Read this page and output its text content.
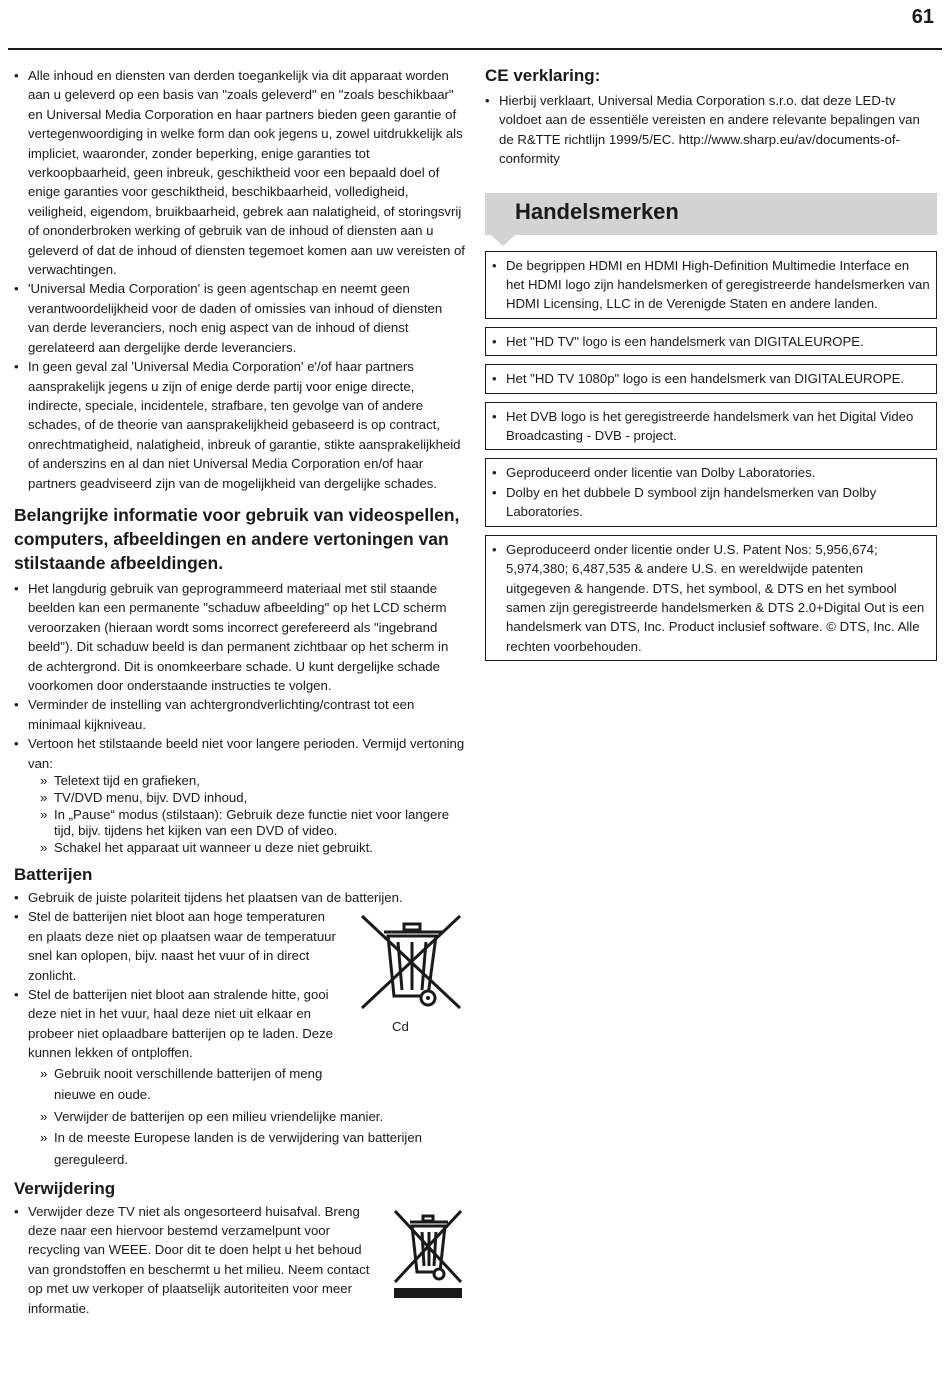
61
• Alle inhoud en diensten van derden toegankelijk via dit apparaat worden aan u geleverd op een basis van "zoals geleverd" en "zoals beschikbaar" en Universal Media Corporation en haar partners bieden geen garantie of vertegenwoordiging in welke form dan ook jegens u, zowel uitdrukkelijk als impliciet, waaronder, zonder beperking, enige garanties tot verkoopbaarheid, geen inbreuk, geschiktheid voor een bepaald doel of enige garanties voor geschiktheid, beschikbaarheid, volledigheid, veiligheid, eigendom, bruikbaarheid, gebrek aan nalatigheid, of storingsvrij of ononderbroken werking of gebruik van de inhoud of diensten aan u geleverd of dat de inhoud of diensten tegemoet komen aan uw vereisten of verwachtingen.
• 'Universal Media Corporation' is geen agentschap en neemt geen verantwoordelijkheid voor de daden of omissies van inhoud of diensten van derde leveranciers, noch enig aspect van de inhoud of dienst gerelateerd aan dergelijke derde leveranciers.
• In geen geval zal 'Universal Media Corporation' e'/of haar partners aansprakelijk jegens u zijn of enige derde partij voor enige directe, indirecte, speciale, incidentele, strafbare, ten gevolge van of andere schades, of de theorie van aansprakelijkheid gebaseerd is op contract, onrechtmatigheid, nalatigheid, inbreuk of garantie, stikte aansprakelijkheid of anderszins en al dan niet Universal Media Corporation en/of haar partners geadviseerd zijn van de mogelijkheid van dergelijke schades.
Belangrijke informatie voor gebruik van videospellen, computers, afbeeldingen en andere vertoningen van stilstaande afbeeldingen.
• Het langdurig gebruik van geprogrammeerd materiaal met stil staande beelden kan een permanente "schaduw afbeelding" op het LCD scherm veroorzaken (hieraan wordt soms incorrect gerefereerd als "ingebrand beeld"). Dit schaduw beeld is dan permanent zichtbaar op het scherm in de achtergrond. Dit is onomkeerbare schade. U kunt dergelijke schade voorkomen door onderstaande instructies te volgen.
• Verminder de instelling van achtergrondverlichting/contrast tot een minimaal kijkniveau.
• Vertoon het stilstaande beeld niet voor langere perioden. Vermijd vertoning van:
» Teletext tijd en grafieken,
» TV/DVD menu, bijv. DVD inhoud,
» In „Pause“ modus (stilstaan): Gebruik deze functie niet voor langere tijd, bijv. tijdens het kijken van een DVD of video.
» Schakel het apparaat uit wanneer u deze niet gebruikt.
Batterijen
• Gebruik de juiste polariteit tijdens het plaatsen van de batterijen.
• Stel de batterijen niet bloot aan hoge temperaturen en plaats deze niet op plaatsen waar de temperatuur snel kan oplopen, bijv. naast het vuur of in direct zonlicht.
• Stel de batterijen niet bloot aan stralende hitte, gooi deze niet in het vuur, haal deze niet uit elkaar en probeer niet oplaadbare batterijen op te laden. Deze kunnen lekken of ontploffen.
» Gebruik nooit verschillende batterijen of meng nieuwe en oude.
» Verwijder de batterijen op een milieu vriendelijke manier.
» In de meeste Europese landen is de verwijdering van batterijen gereguleerd.
Cd
Verwijdering
• Verwijder deze TV niet als ongesorteerd huisafval. Breng deze naar een hiervoor bestemd verzamelpunt voor recycling van WEEE. Door dit te doen helpt u het behoud van grondstoffen en beschermt u het milieu. Neem contact op met uw verkoper of plaatselijk autoriteiten voor meer informatie.
CE verklaring:
• Hierbij verklaart, Universal Media Corporation s.r.o. dat deze LED-tv voldoet aan de essentiële vereisten en andere relevante bepalingen van de R&TTE richtlijn 1999/5/EC. http://www.sharp.eu/av/documents-of-conformity
Handelsmerken
• De begrippen HDMI en HDMI High-Definition Multimedie Interface en het HDMI logo zijn handelsmerken of geregistreerde handelsmerken van HDMI Licensing, LLC in de Verenigde Staten en andere landen.
• Het "HD TV" logo is een handelsmerk van DIGITALEUROPE.
• Het "HD TV 1080p" logo is een handelsmerk van DIGITALEUROPE.
• Het DVB logo is het geregistreerde handelsmerk van het Digital Video Broadcasting - DVB - project.
• Geproduceerd onder licentie van Dolby Laboratories.
• Dolby en het dubbele D symbool zijn handelsmerken van Dolby Laboratories.
• Geproduceerd onder licentie onder U.S. Patent Nos: 5,956,674; 5,974,380; 6,487,535 & andere U.S. en wereldwijde patenten uitgegeven & hangende. DTS, het symbool, & DTS en het symbool samen zijn geregistreerde handelsmerken & DTS 2.0+Digital Out is een handelsmerk van DTS, Inc. Product inclusief software. © DTS, Inc. Alle rechten voorbehouden.
